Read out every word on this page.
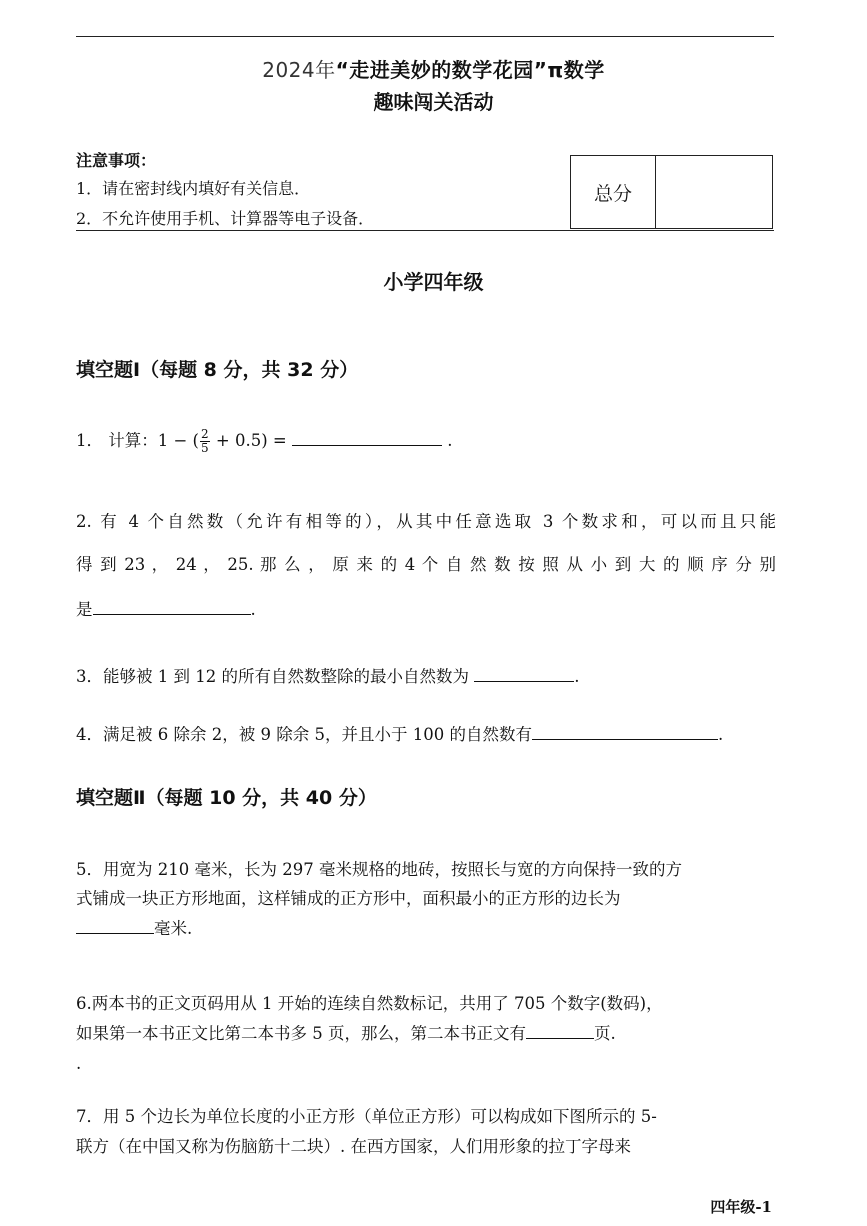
2024年“走进美妙的数学花园”π数学
趣味闯关活动
注意事项：
1．请在密封线内填好有关信息．
2．不允许使用手机、计算器等电子设备．
总分
小学四年级
填空题Ⅰ（每题 8 分，共 32 分）
1． 计算：1 − ( $\frac{2}{5} + 0.5$) =	.
2. 有 4 个自然数（允许有相等的），从其中任意选取 3 个数求和，可以而且只能
得 到 23 ， 24 ， 25. 那 么 ， 原 来 的 4 个 自 然 数 按 照 从 小 到 大 的 顺 序 分 别
是	.
3．能够被 1 到 12 的所有自然数整除的最小自然数为	.
4．满足被 6 除余 2，被 9 除余 5，并且小于 100 的自然数有	.
填空题Ⅱ（每题 10 分，共 40 分）
5．用宽为 210 毫米，长为 297 毫米规格的地砖，按照长与宽的方向保持一致的方
式铺成一块正方形地面，这样铺成的正方形中，面积最小的正方形的边长为
毫米.
6.两本书的正文页码用从 1 开始的连续自然数标记，共用了 705 个数字(数码)，
如果第一本书正文比第二本书多 5 页，那么，第二本书正文有	页.
.
7．用 5 个边长为单位长度的小正方形（单位正方形）可以构成如下图所示的 5-
联方（在中国又称为伤脑筋十二块）. 在西方国家，人们用形象的拉丁字母来
四年级-1
